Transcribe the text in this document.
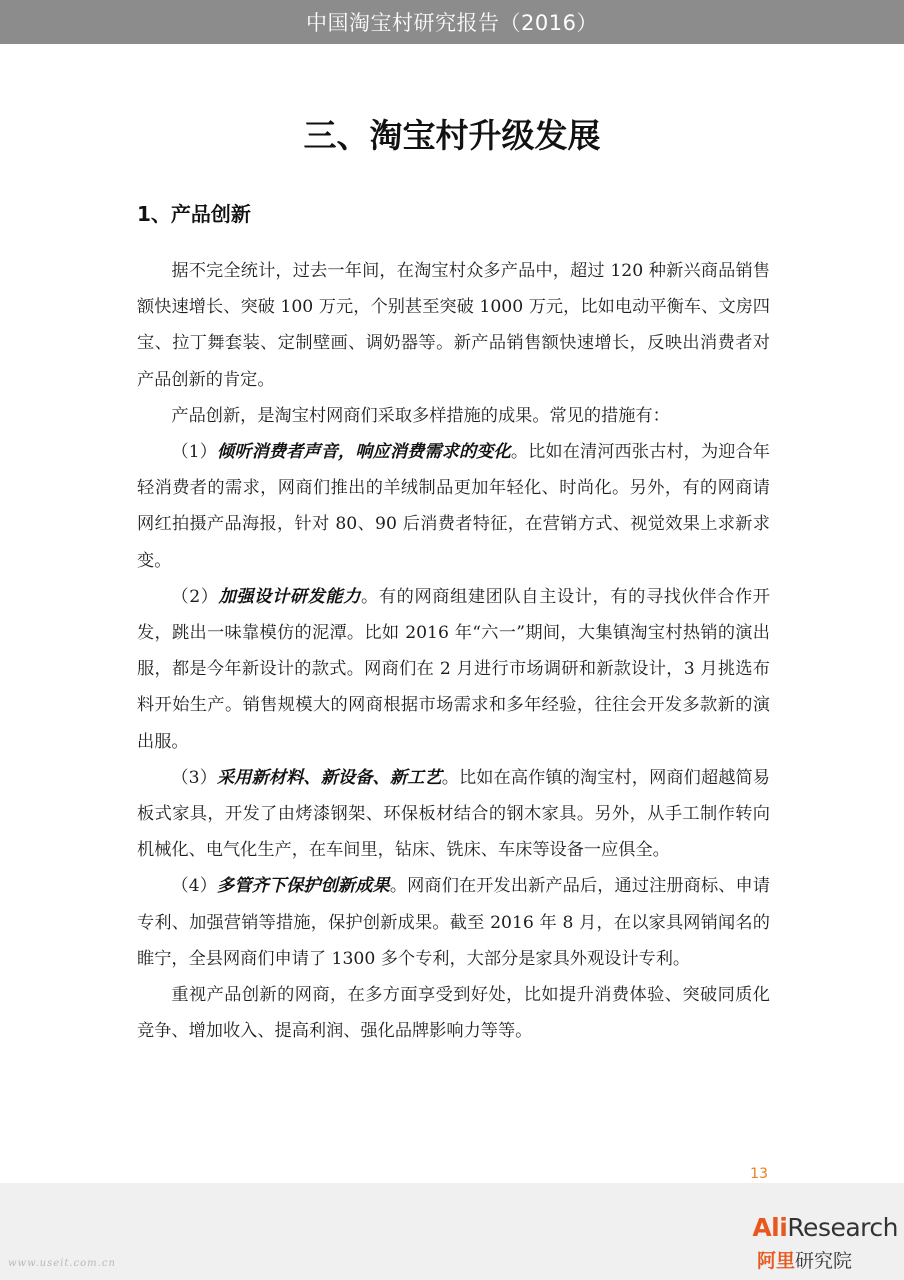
中国淘宝村研究报告（2016）
三、淘宝村升级发展
1、产品创新

据不完全统计，过去一年间，在淘宝村众多产品中，超过 120 种新兴商品销售额快速增长、突破 100 万元，个别甚至突破 1000 万元，比如电动平衡车、文房四宝、拉丁舞套装、定制壁画、调奶器等。新产品销售额快速增长，反映出消费者对产品创新的肯定。

产品创新，是淘宝村网商们采取多样措施的成果。常见的措施有：

（1）倾听消费者声音，响应消费需求的变化。比如在清河西张古村，为迎合年轻消费者的需求，网商们推出的羊绒制品更加年轻化、时尚化。另外，有的网商请网红拍摄产品海报，针对 80、90 后消费者特征，在营销方式、视觉效果上求新求变。

（2）加强设计研发能力。有的网商组建团队自主设计，有的寻找伙伴合作开发，跳出一味靠模仿的泥潭。比如 2016 年“六一”期间，大集镇淘宝村热销的演出服，都是今年新设计的款式。网商们在 2 月进行市场调研和新款设计，3 月挑选布料开始生产。销售规模大的网商根据市场需求和多年经验，往往会开发多款新的演出服。

（3）采用新材料、新设备、新工艺。比如在高作镇的淘宝村，网商们超越简易板式家具，开发了由烤漆钢架、环保板材结合的钢木家具。另外，从手工制作转向机械化、电气化生产，在车间里，钻床、铣床、车床等设备一应俱全。

（4）多管齐下保护创新成果。网商们在开发出新产品后，通过注册商标、申请专利、加强营销等措施，保护创新成果。截至 2016 年 8 月，在以家具网销闻名的睢宁，全县网商们申请了 1300 多个专利，大部分是家具外观设计专利。

重视产品创新的网商，在多方面享受到好处，比如提升消费体验、突破同质化竞争、增加收入、提高利润、强化品牌影响力等等。

13
AliResearch
阿里研究院
www.useit.com.cn
